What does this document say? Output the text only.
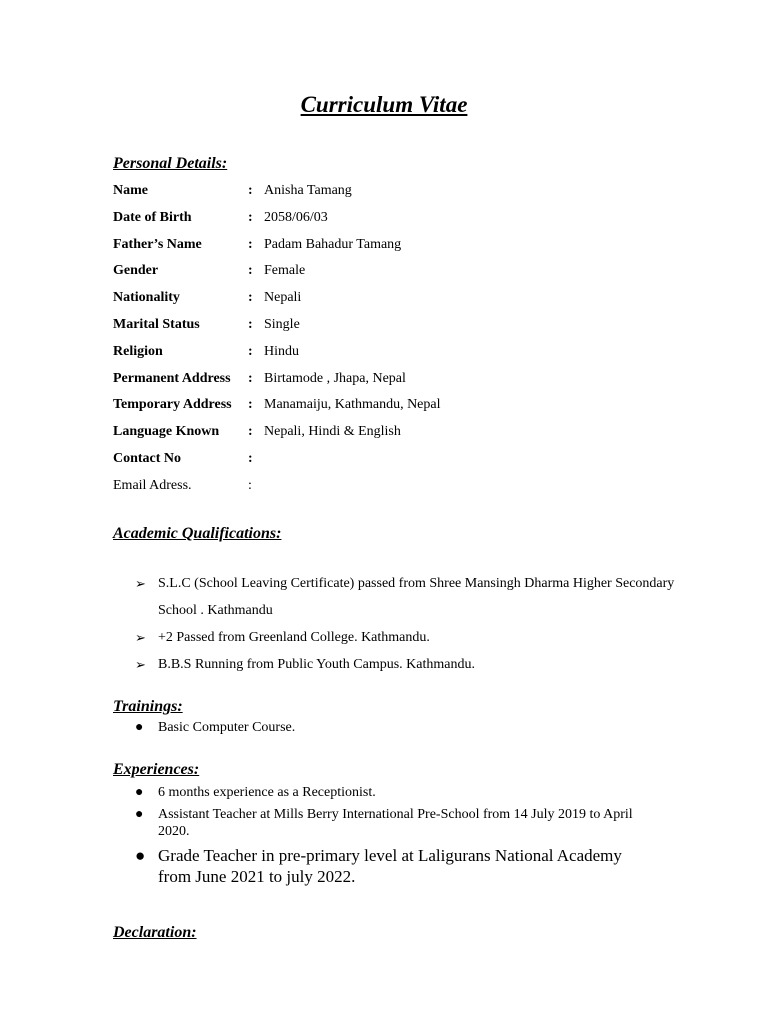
Curriculum Vitae
Personal Details:
Name	: Anisha Tamang
Date of Birth	: 2058/06/03
Father’s Name	: Padam Bahadur Tamang
Gender	: Female
Nationality	: Nepali
Marital Status	: Single
Religion	: Hindu
Permanent Address : Birtamode , Jhapa, Nepal
Temporary Address : Manamaiju, Kathmandu, Nepal
Language Known : Nepali, Hindi & English
Contact No	:
Email Adress.	:
Academic Qualifications:
➢ S.L.C (School Leaving Certificate) passed from Shree Mansingh Dharma Higher Secondary School . Kathmandu
➢ +2 Passed from Greenland College. Kathmandu.
➢ B.B.S Running from Public Youth Campus. Kathmandu.
Trainings:
● Basic Computer Course.
Experiences:
● 6 months experience as a Receptionist.
● Assistant Teacher at Mills Berry International Pre-School from 14 July 2019 to April 2020.
● Grade Teacher in pre-primary level at Laligurans National Academy from June 2021 to july 2022.
Declaration:
